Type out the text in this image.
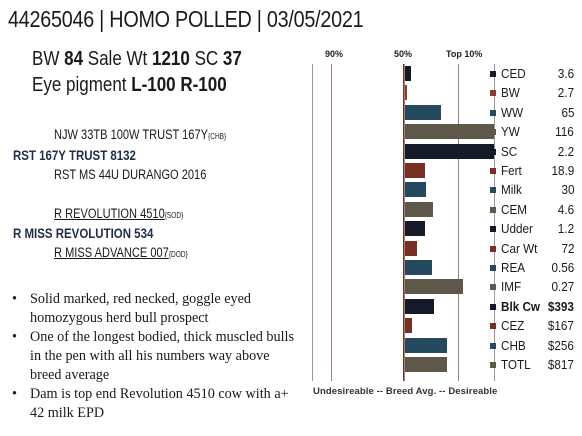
44265046 | HOMO POLLED | 03/05/2021
BW 84 Sale Wt 1210 SC 37
Eye pigment L-100 R-100
NJW 33TB 100W TRUST 167Y{CHB}
RST 167Y TRUST 8132
RST MS 44U DURANGO 2016
R REVOLUTION 4510{SOD}
R MISS REVOLUTION 534
R MISS ADVANCE 007{DOD}
• Solid marked, red necked, goggle eyed homozygous herd bull prospect
• One of the longest bodied, thick muscled bulls in the pen with all his numbers way above breed average
• Dam is top end Revolution 4510 cow with a+ 42 milk EPD
90%	50%	Top 10%
Undesireable -- Breed Avg. -- Desireable
CED 3.6
BW	2.7
WW	65
YW	116
SC	2.2
Fert 18.9
Milk	30
CEM 4.6
Udder 1.2
Car Wt 72
REA 0.56
IMF 0.27
Blk Cw $393
CEZ $167
CHB $256
TOTL $817
